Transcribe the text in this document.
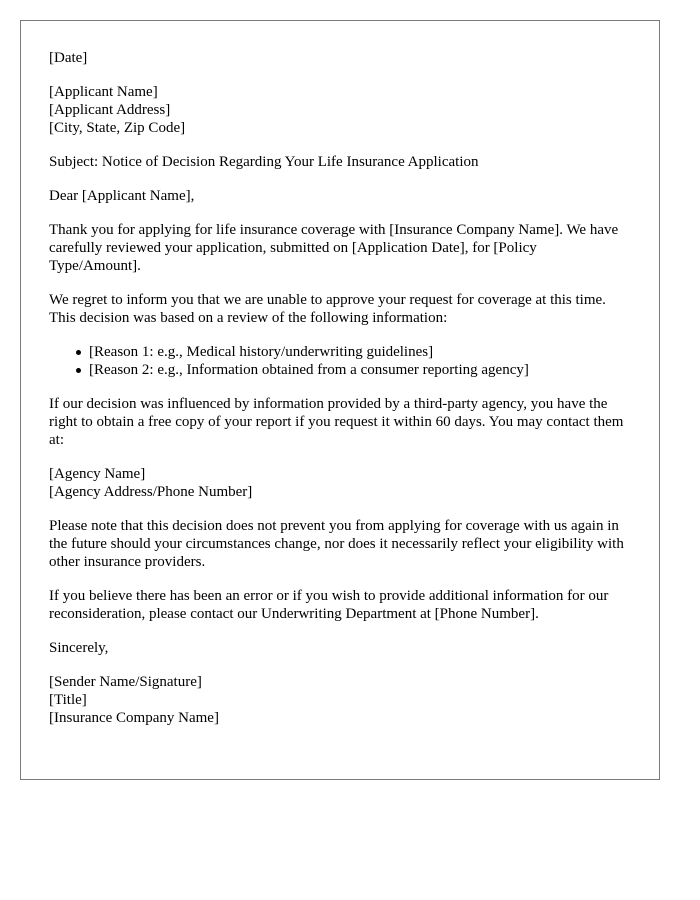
[Date]

[Applicant Name]
[Applicant Address]
[City, State, Zip Code]

Subject: Notice of Decision Regarding Your Life Insurance Application

Dear [Applicant Name],

Thank you for applying for life insurance coverage with [Insurance Company Name]. We have carefully reviewed your application, submitted on [Application Date], for [Policy Type/Amount].

We regret to inform you that we are unable to approve your request for coverage at this time. This decision was based on a review of the following information:

[Reason 1: e.g., Medical history/underwriting guidelines]
[Reason 2: e.g., Information obtained from a consumer reporting agency]

If our decision was influenced by information provided by a third-party agency, you have the right to obtain a free copy of your report if you request it within 60 days. You may contact them at:

[Agency Name]
[Agency Address/Phone Number]

Please note that this decision does not prevent you from applying for coverage with us again in the future should your circumstances change, nor does it necessarily reflect your eligibility with other insurance providers.

If you believe there has been an error or if you wish to provide additional information for our reconsideration, please contact our Underwriting Department at [Phone Number].

Sincerely,

[Sender Name/Signature]
[Title]
[Insurance Company Name]
